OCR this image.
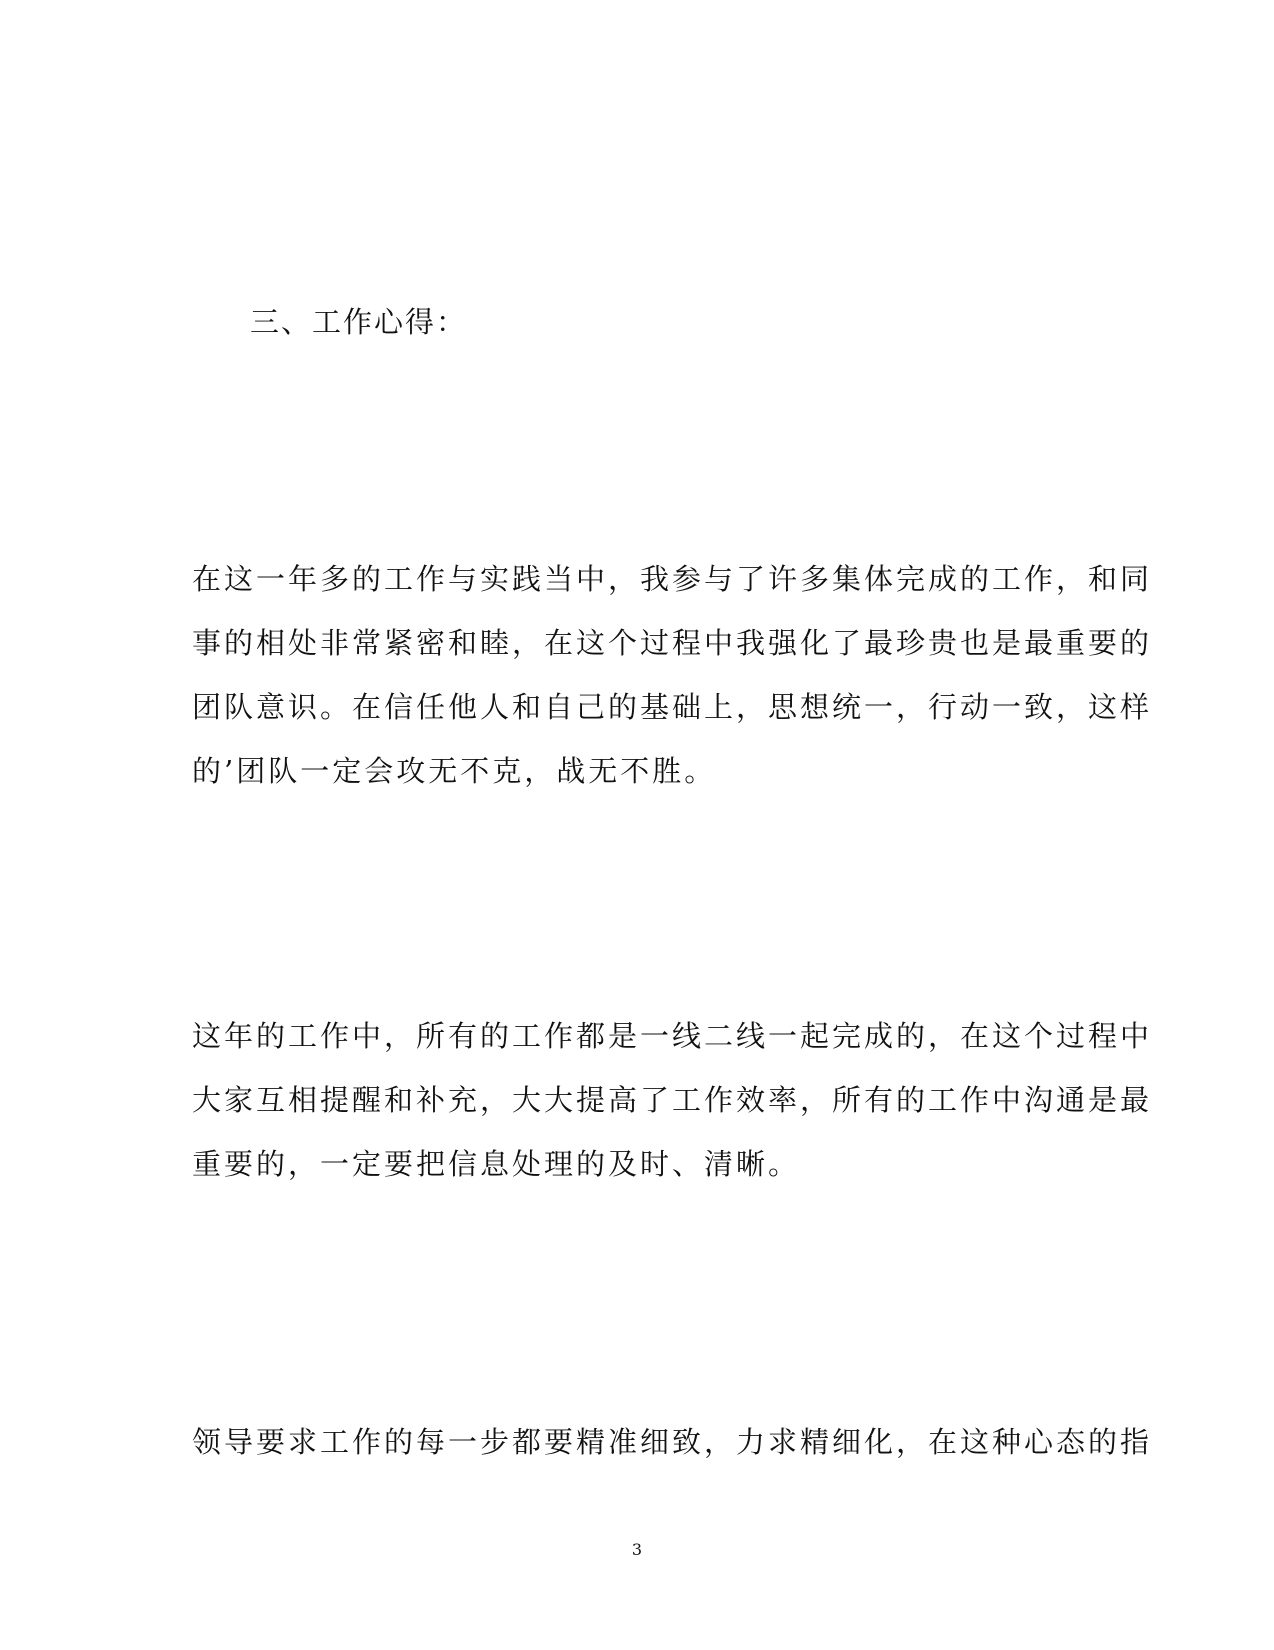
三、工作心得：
在这一年多的工作与实践当中，我参与了许多集体完成的工作，和同
事的相处非常紧密和睦，在这个过程中我强化了最珍贵也是最重要的
团队意识。在信任他人和自己的基础上，思想统一，行动一致，这样
的’团队一定会攻无不克，战无不胜。
这年的工作中，所有的工作都是一线二线一起完成的，在这个过程中
大家互相提醒和补充，大大提高了工作效率，所有的工作中沟通是最
重要的，一定要把信息处理的及时、清晰。
领导要求工作的每一步都要精准细致，力求精细化，在这种心态的指
3
